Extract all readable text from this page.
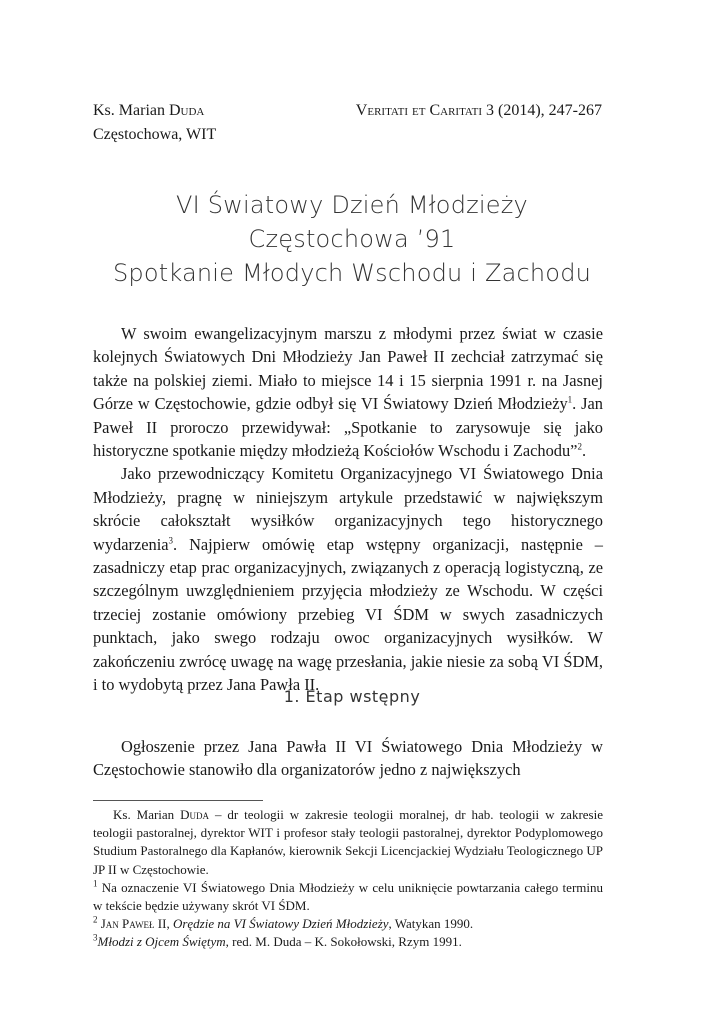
Ks. Marian Duda
Częstochowa, WIT
Veritati et Caritati 3 (2014), 247-267
VI Światowy Dzień Młodzieży
Częstochowa ’91
Spotkanie Młodych Wschodu i Zachodu

W swoim ewangelizacyjnym marszu z młodymi przez świat w czasie kolejnych Światowych Dni Młodzieży Jan Paweł II zechciał zatrzymać się także na polskiej ziemi. Miało to miejsce 14 i 15 sierpnia 1991 r. na Jasnej Górze w Częstochowie, gdzie odbył się VI Światowy Dzień Młodzieży$^1$. Jan Paweł II proroczo przewidywał: „Spotkanie to zarysowuje się jako historyczne spotkanie między młodzieżą Kościołów Wschodu i Zachodu”$^2$.

Jako przewodniczący Komitetu Organizacyjnego VI Światowego Dnia Młodzieży, pragnę w niniejszym artykule przedstawić w największym skrócie całokształt wysiłków organizacyjnych tego historycznego wydarzenia$^3$. Najpierw omówię etap wstępny organizacji, następnie – zasadniczy etap prac organizacyjnych, związanych z operacją logistyczną, ze szczególnym uwzględnieniem przyjęcia młodzieży ze Wschodu. W części trzeciej zostanie omówiony przebieg VI ŚDM w swych zasadniczych punktach, jako swego rodzaju owoc organizacyjnych wysiłków. W zakończeniu zwrócę uwagę na wagę przesłania, jakie niesie za sobą VI ŚDM, i to wydobytą przez Jana Pawła II.

1. Etap wstępny

Ogłoszenie przez Jana Pawła II VI Światowego Dnia Młodzieży w Częstochowie stanowiło dla organizatorów jedno z największych

Ks. Marian Duda – dr teologii w zakresie teologii moralnej, dr hab. teologii w zakresie teologii pastoralnej, dyrektor WIT i profesor stały teologii pastoralnej, dyrektor Podyplomowego Studium Pastoralnego dla Kapłanów, kierownik Sekcji Licencjackiej Wydziału Teologicznego UP JP II w Częstochowie.

$^1$ Na oznaczenie VI Światowego Dnia Młodzieży w celu uniknięcie powtarzania całego terminu w tekście będzie używany skrót VI ŚDM.

$^2$ Jan Paweł II, Orędzie na VI Światowy Dzień Młodzieży, Watykan 1990.

$^3$Młodzi z Ojcem Świętym, red. M. Duda – K. Sokołowski, Rzym 1991.
